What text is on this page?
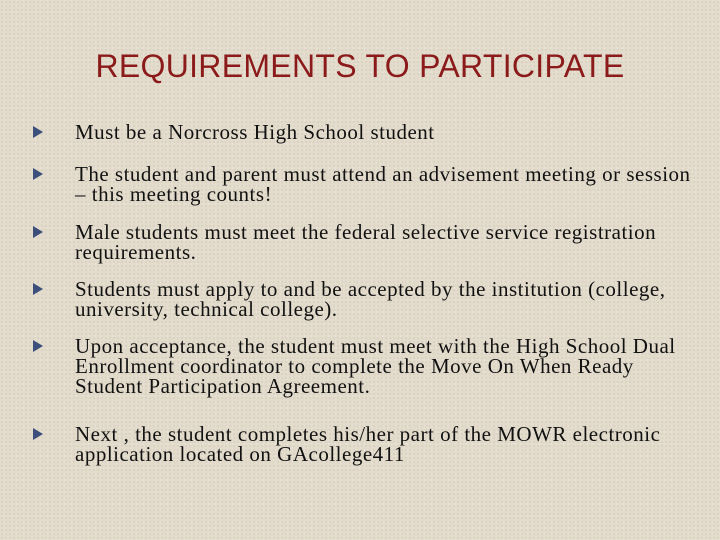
REQUIREMENTS TO PARTICIPATE
Must be a Norcross High School student
The student and parent must attend an advisement meeting or session – this meeting counts!
Male students must meet the federal selective service registration requirements.
Students must apply to and be accepted by the institution (college, university, technical college).
Upon acceptance, the student must meet with the High School Dual Enrollment coordinator to complete the Move On When Ready Student Participation Agreement.
Next , the student completes his/her part of the MOWR electronic application located on GAcollege411
